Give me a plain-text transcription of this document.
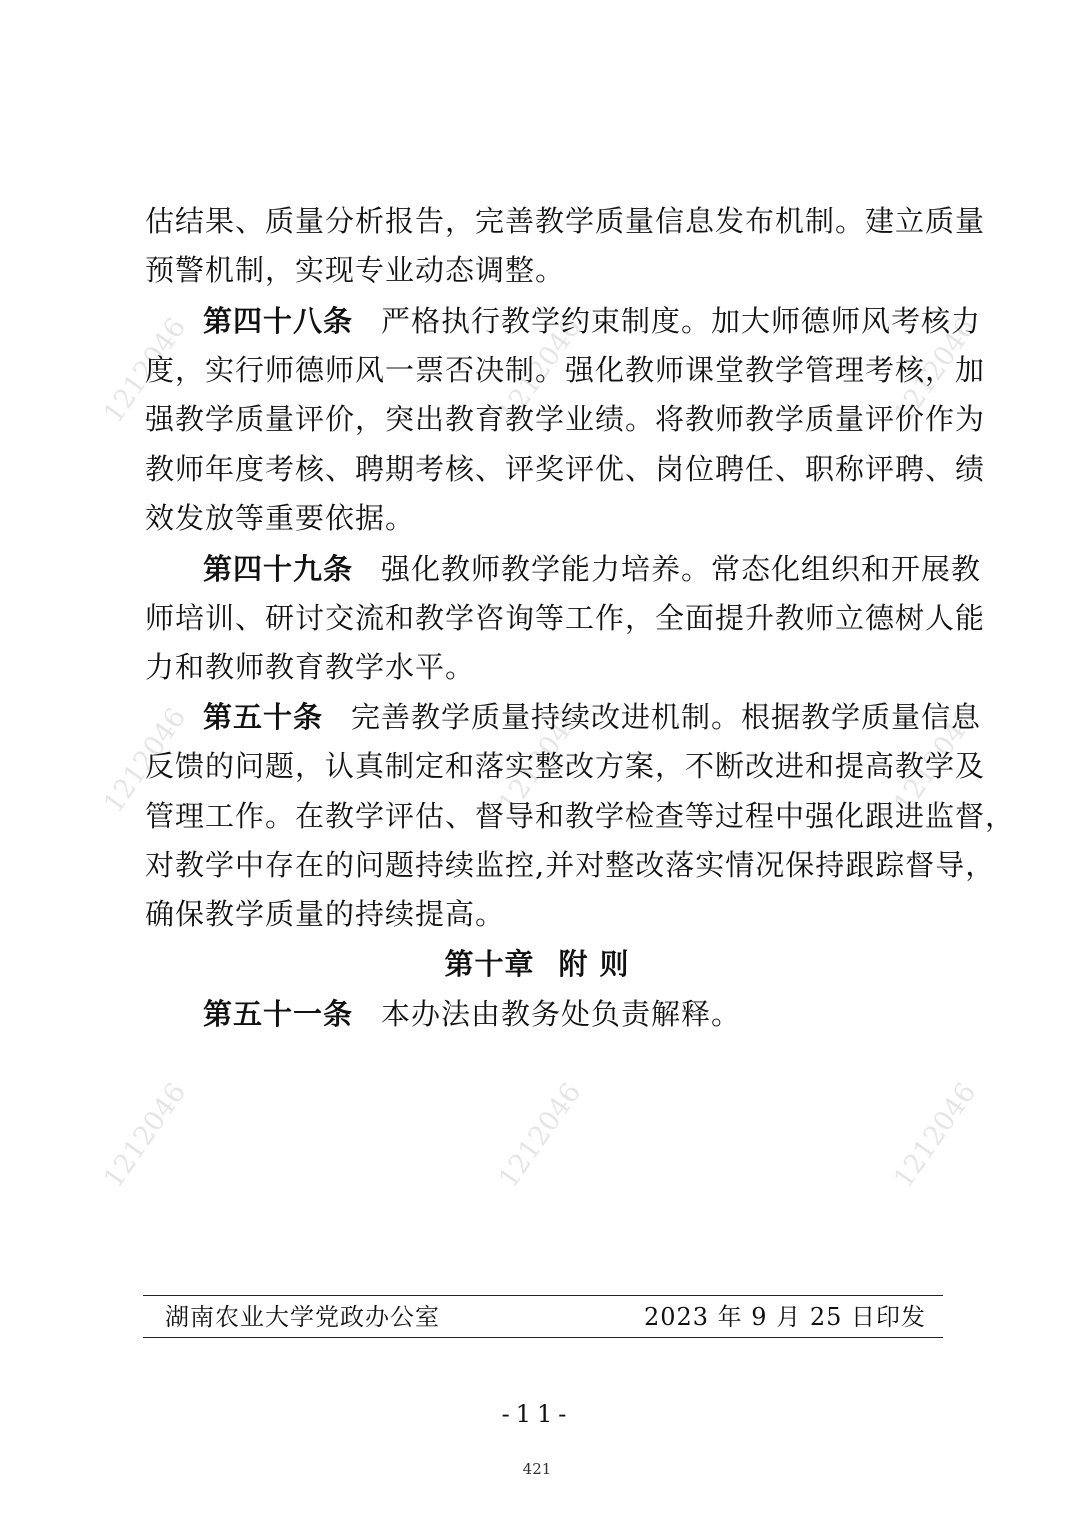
1212046	1212046	1212046
1212046	1212046	1212046
1212046	1212046	1212046
估结果、质量分析报告，完善教学质量信息发布机制。建立质量
预警机制，实现专业动态调整。
第四十八条 严格执行教学约束制度。加大师德师风考核力
度，实行师德师风一票否决制。强化教师课堂教学管理考核，加
强教学质量评价，突出教育教学业绩。将教师教学质量评价作为
教师年度考核、聘期考核、评奖评优、岗位聘任、职称评聘、绩
效发放等重要依据。
第四十九条 强化教师教学能力培养。常态化组织和开展教
师培训、研讨交流和教学咨询等工作，全面提升教师立德树人能
力和教师教育教学水平。
第五十条 完善教学质量持续改进机制。根据教学质量信息
反馈的问题，认真制定和落实整改方案，不断改进和提高教学及
管理工作。在教学评估、督导和教学检查等过程中强化跟进监督，
对教学中存在的问题持续监控,并对整改落实情况保持跟踪督导，
确保教学质量的持续提高。
第十章 附 则
第五十一条 本办法由教务处负责解释。
湖南农业大学党政办公室	2023 年 9 月 25 日印发
-11-
421
